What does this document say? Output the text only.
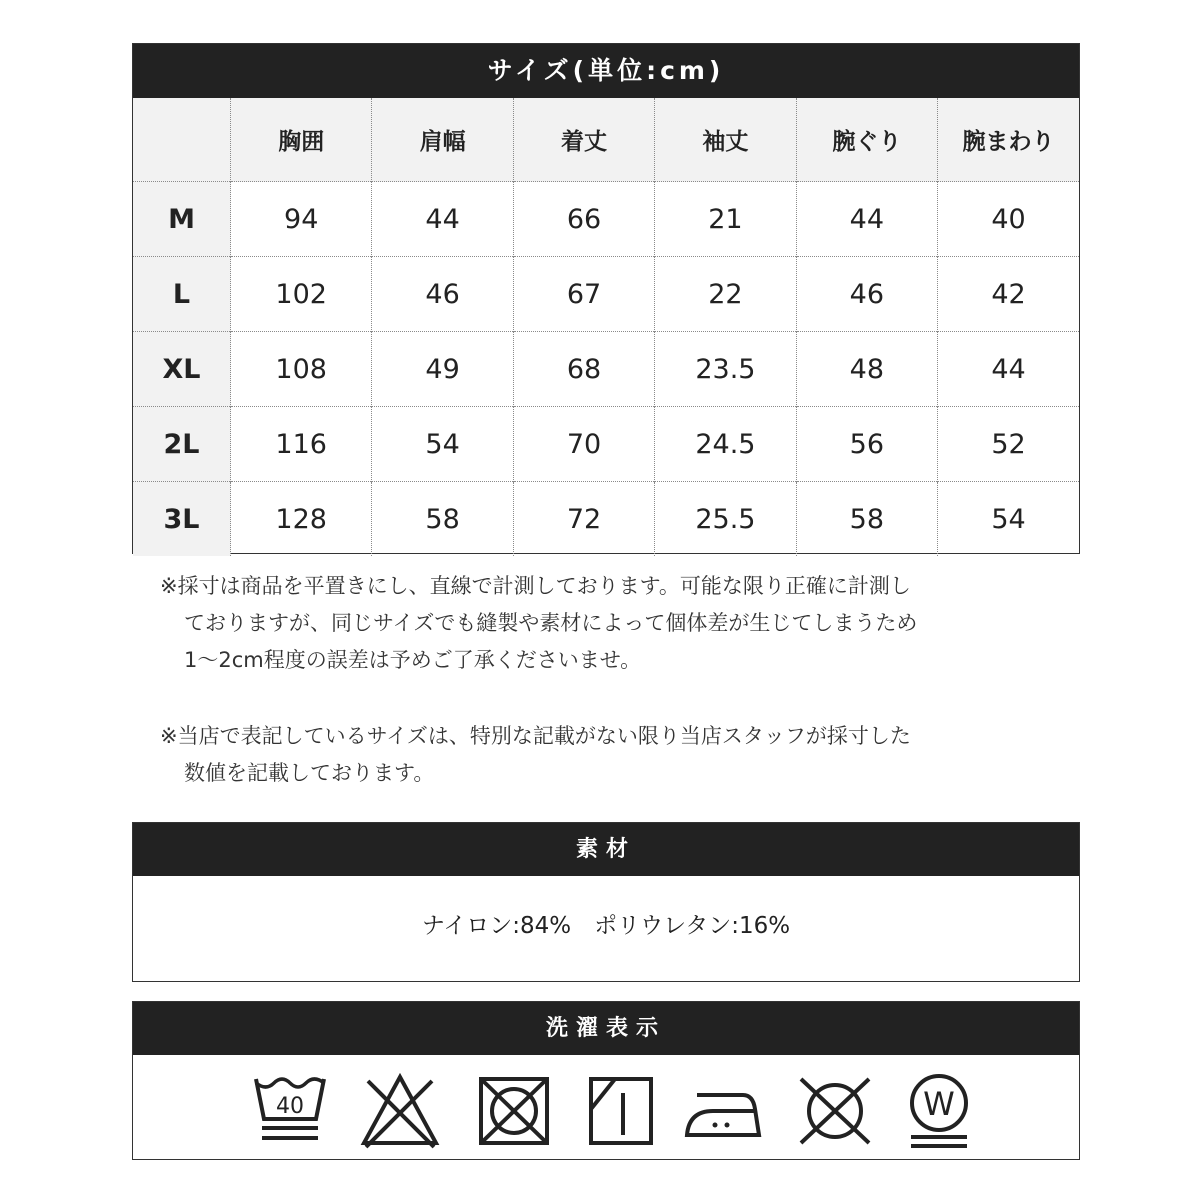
サイズ(単位:cm)
	胸囲	肩幅	着丈	袖丈	腕ぐり	腕まわり
M	94	44	66	21	44	40
L	102	46	67	22	46	42
XL	108	49	68	23.5	48	44
2L	116	54	70	24.5	56	52
3L	128	58	72	25.5	58	54
※採寸は商品を平置きにし、直線で計測しております。可能な限り正確に計測し
ておりますが、同じサイズでも縫製や素材によって個体差が生じてしまうため
1〜2cm程度の誤差は予めご了承くださいませ。
※当店で表記しているサイズは、特別な記載がない限り当店スタッフが採寸した
数値を記載しております。
素材
ナイロン:84%　ポリウレタン:16%
洗濯表示
40	W
